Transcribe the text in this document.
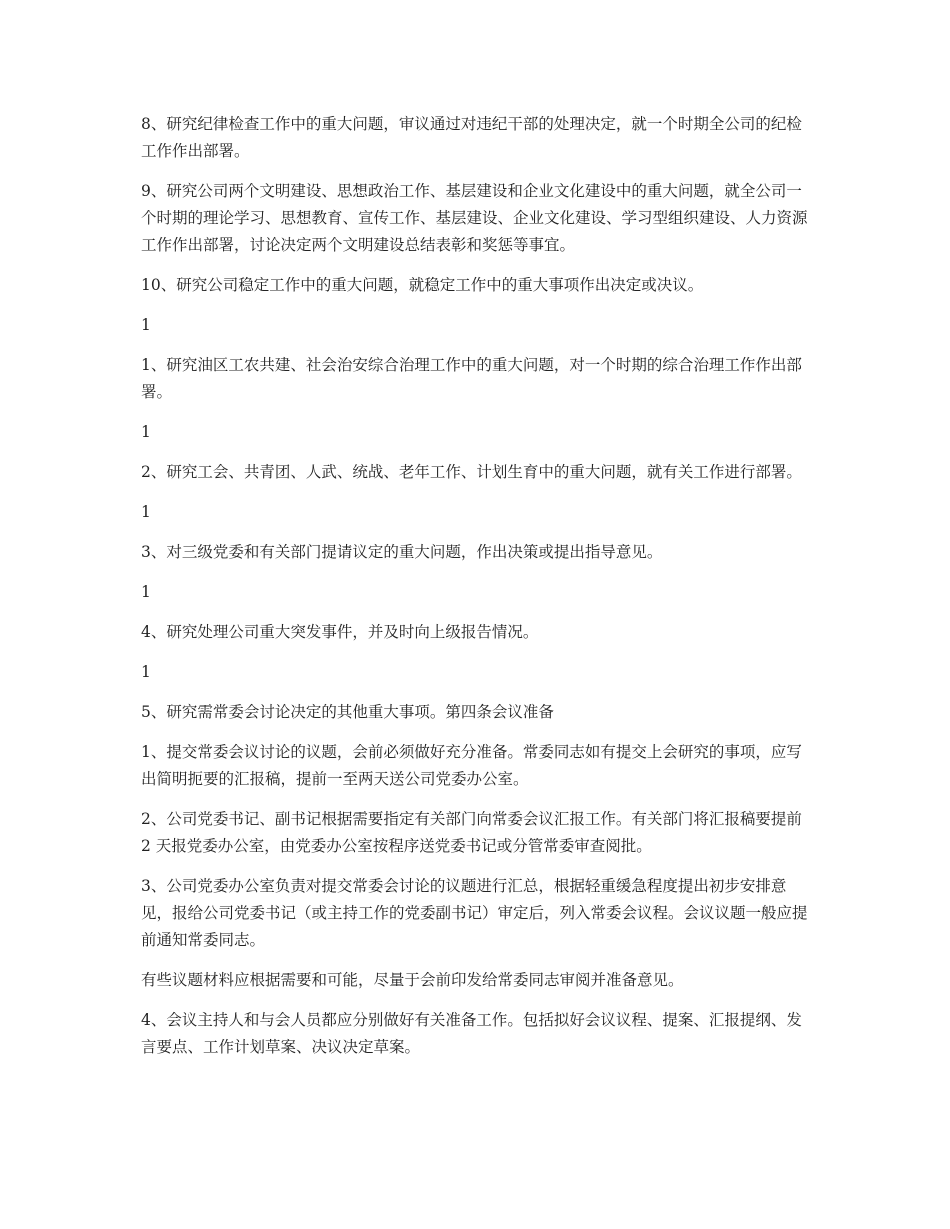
8、研究纪律检查工作中的重大问题，审议通过对违纪干部的处理决定，就一个时期全公司的纪检工作作出部署。

9、研究公司两个文明建设、思想政治工作、基层建设和企业文化建设中的重大问题，就全公司一个时期的理论学习、思想教育、宣传工作、基层建设、企业文化建设、学习型组织建设、人力资源工作作出部署，讨论决定两个文明建设总结表彰和奖惩等事宜。

10、研究公司稳定工作中的重大问题，就稳定工作中的重大事项作出决定或决议。

1

1、研究油区工农共建、社会治安综合治理工作中的重大问题，对一个时期的综合治理工作作出部署。

1

2、研究工会、共青团、人武、统战、老年工作、计划生育中的重大问题，就有关工作进行部署。

1

3、对三级党委和有关部门提请议定的重大问题，作出决策或提出指导意见。

1

4、研究处理公司重大突发事件，并及时向上级报告情况。

1

5、研究需常委会讨论决定的其他重大事项。第四条会议准备

1、提交常委会议讨论的议题，会前必须做好充分准备。常委同志如有提交上会研究的事项，应写出简明扼要的汇报稿，提前一至两天送公司党委办公室。

2、公司党委书记、副书记根据需要指定有关部门向常委会议汇报工作。有关部门将汇报稿要提前 2 天报党委办公室，由党委办公室按程序送党委书记或分管常委审查阅批。

3、公司党委办公室负责对提交常委会讨论的议题进行汇总，根据轻重缓急程度提出初步安排意见，报给公司党委书记（或主持工作的党委副书记）审定后，列入常委会议程。会议议题一般应提前通知常委同志。

有些议题材料应根据需要和可能，尽量于会前印发给常委同志审阅并准备意见。

4、会议主持人和与会人员都应分别做好有关准备工作。包括拟好会议议程、提案、汇报提纲、发言要点、工作计划草案、决议决定草案。
